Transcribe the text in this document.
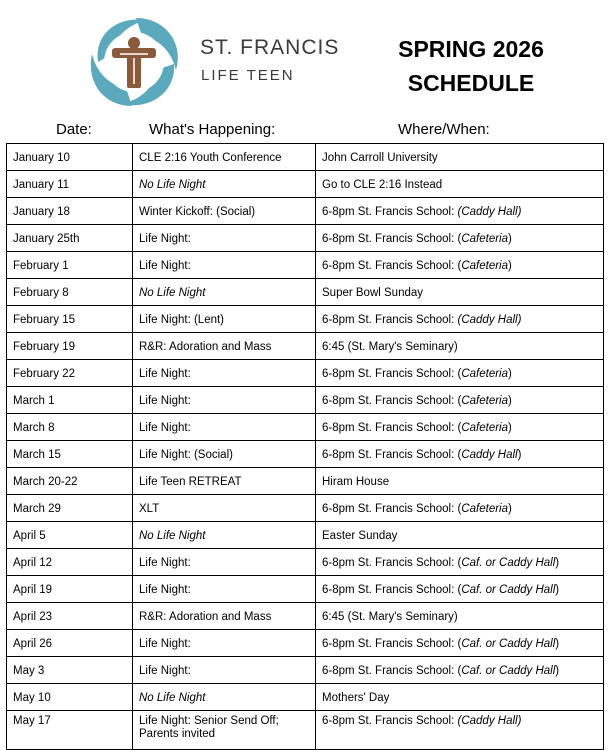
ST. FRANCIS
LIFE TEEN
SPRING 2026
SCHEDULE
Date:	What's Happening:	Where/When:
January 10	CLE 2:16 Youth Conference	John Carroll University
January 11	No Life Night	Go to CLE 2:16 Instead
January 18	Winter Kickoff: (Social)	6-8pm St. Francis School: (Caddy Hall)
January 25th	Life Night:	6-8pm St. Francis School: (Cafeteria)
February 1	Life Night:	6-8pm St. Francis School: (Cafeteria)
February 8	No Life Night	Super Bowl Sunday
February 15	Life Night: (Lent)	6-8pm St. Francis School: (Caddy Hall)
February 19	R&R: Adoration and Mass	6:45 (St. Mary's Seminary)
February 22	Life Night:	6-8pm St. Francis School: (Cafeteria)
March 1	Life Night:	6-8pm St. Francis School: (Cafeteria)
March 8	Life Night:	6-8pm St. Francis School: (Cafeteria)
March 15	Life Night: (Social)	6-8pm St. Francis School: (Caddy Hall)
March 20-22	Life Teen RETREAT	Hiram House
March 29	XLT	6-8pm St. Francis School: (Cafeteria)
April 5	No Life Night	Easter Sunday
April 12	Life Night:	6-8pm St. Francis School: (Caf. or Caddy Hall)
April 19	Life Night:	6-8pm St. Francis School: (Caf. or Caddy Hall)
April 23	R&R: Adoration and Mass	6:45 (St. Mary's Seminary)
April 26	Life Night:	6-8pm St. Francis School: (Caf. or Caddy Hall)
May 3	Life Night:	6-8pm St. Francis School: (Caf. or Caddy Hall)
May 10	No Life Night	Mothers' Day
May 17	Life Night: Senior Send Off; Parents invited	6-8pm St. Francis School: (Caddy Hall)
